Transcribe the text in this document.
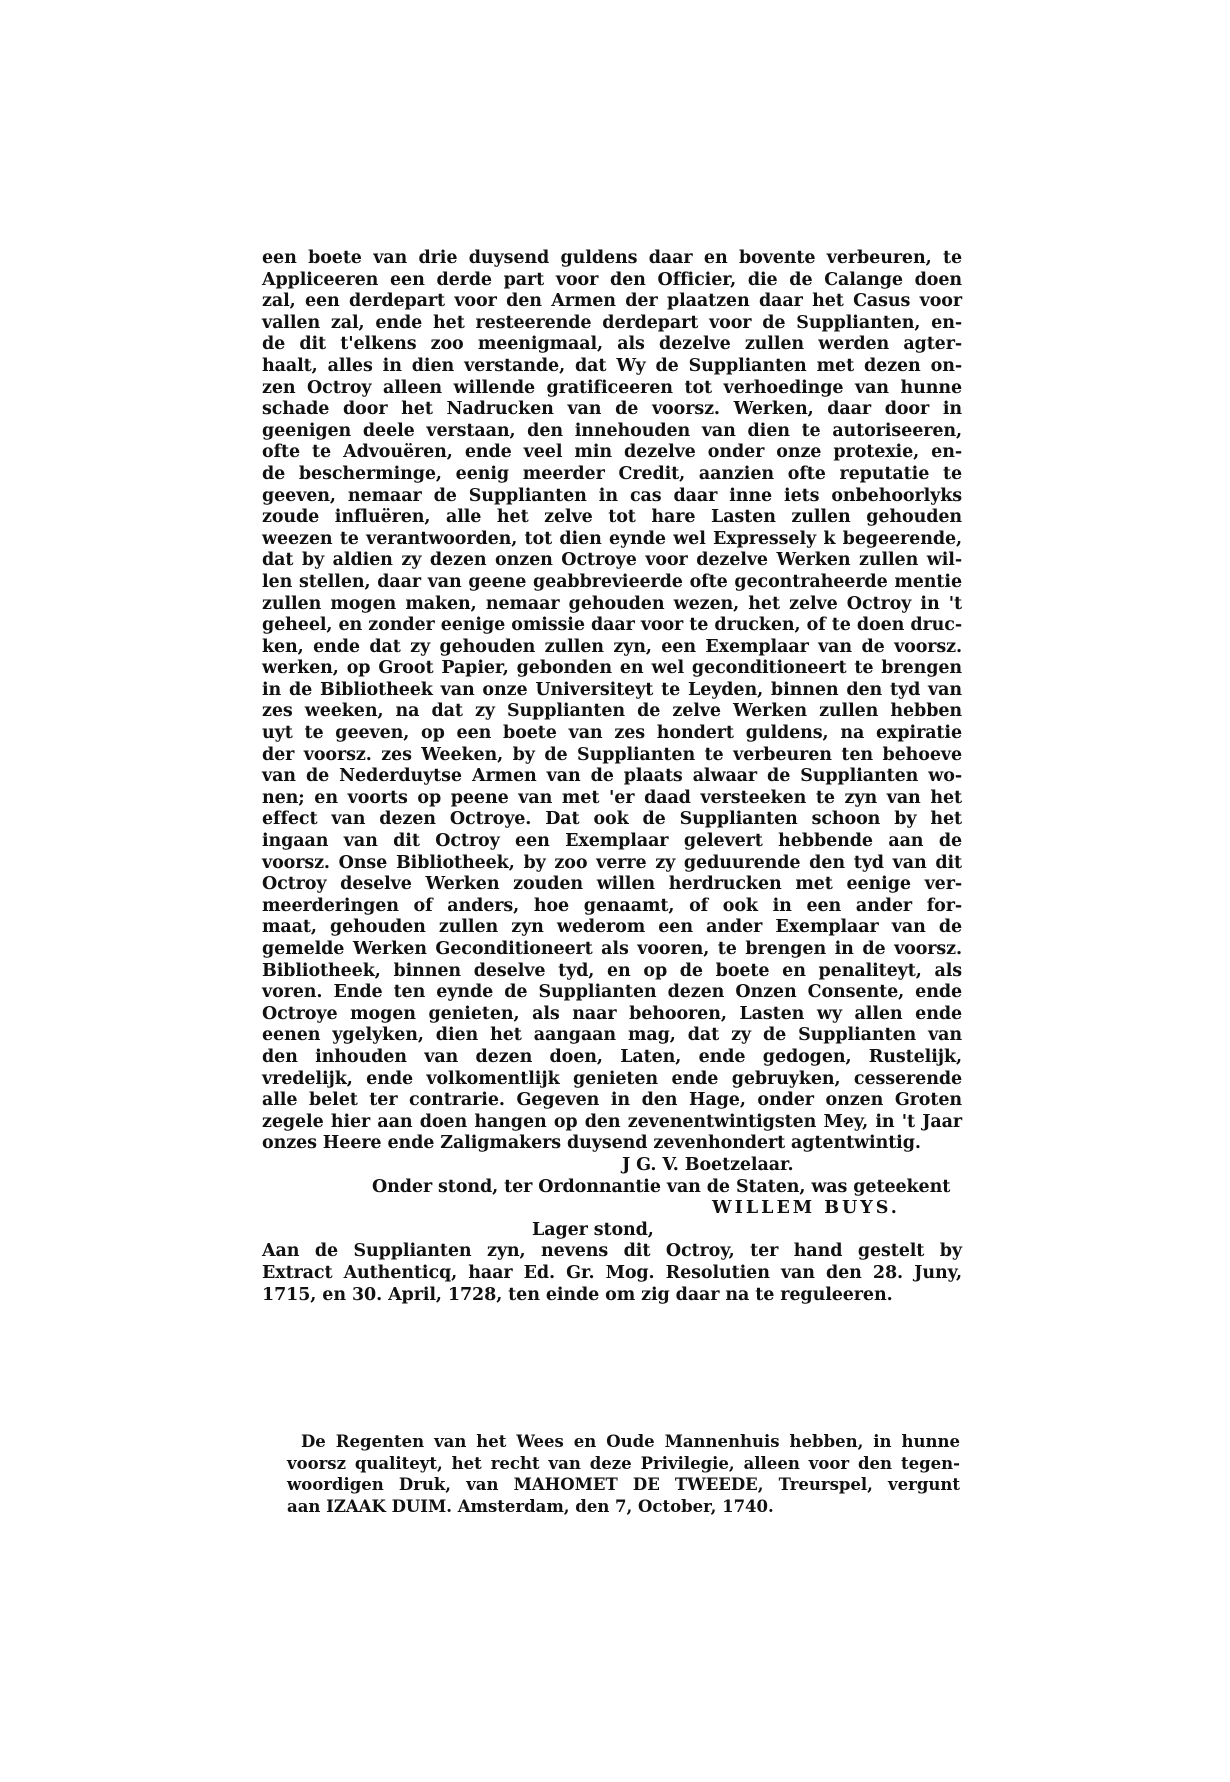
een boete van drie duysend guldens daar en bovente verbeuren, te
Appliceeren een derde part voor den Officier, die de Calange doen
zal, een derdepart voor den Armen der plaatzen daar het Casus voor
vallen zal, ende het resteerende derdepart voor de Supplianten, en-
de dit t'elkens zoo meenigmaal, als dezelve zullen werden agter-
haalt, alles in dien verstande, dat Wy de Supplianten met dezen on-
zen Octroy alleen willende gratificeeren tot verhoedinge van hunne
schade door het Nadrucken van de voorsz. Werken, daar door in
geenigen deele verstaan, den innehouden van dien te autoriseeren,
ofte te Advouëren, ende veel min dezelve onder onze protexie, en-
de bescherminge, eenig meerder Credit, aanzien ofte reputatie te
geeven, nemaar de Supplianten in cas daar inne iets onbehoorlyks
zoude influëren, alle het zelve tot hare Lasten zullen gehouden
weezen te verantwoorden, tot dien eynde wel Expressely k begeerende,
dat by aldien zy dezen onzen Octroye voor dezelve Werken zullen wil-
len stellen, daar van geene geabbrevieerde ofte gecontraheerde mentie
zullen mogen maken, nemaar gehouden wezen, het zelve Octroy in 't
geheel, en zonder eenige omissie daar voor te drucken, of te doen druc-
ken, ende dat zy gehouden zullen zyn, een Exemplaar van de voorsz.
werken, op Groot Papier, gebonden en wel geconditioneert te brengen
in de Bibliotheek van onze Universiteyt te Leyden, binnen den tyd van
zes weeken, na dat zy Supplianten de zelve Werken zullen hebben
uyt te geeven, op een boete van zes hondert guldens, na expiratie
der voorsz. zes Weeken, by de Supplianten te verbeuren ten behoeve
van de Nederduytse Armen van de plaats alwaar de Supplianten wo-
nen; en voorts op peene van met 'er daad versteeken te zyn van het
effect van dezen Octroye. Dat ook de Supplianten schoon by het
ingaan van dit Octroy een Exemplaar gelevert hebbende aan de
voorsz. Onse Bibliotheek, by zoo verre zy geduurende den tyd van dit
Octroy deselve Werken zouden willen herdrucken met eenige ver-
meerderingen of anders, hoe genaamt, of ook in een ander for-
maat, gehouden zullen zyn wederom een ander Exemplaar van de
gemelde Werken Geconditioneert als vooren, te brengen in de voorsz.
Bibliotheek, binnen deselve tyd, en op de boete en penaliteyt, als
voren. Ende ten eynde de Supplianten dezen Onzen Consente, ende
Octroye mogen genieten, als naar behooren, Lasten wy allen ende
eenen ygelyken, dien het aangaan mag, dat zy de Supplianten van
den inhouden van dezen doen, Laten, ende gedogen, Rustelijk,
vredelijk, ende volkomentlijk genieten ende gebruyken, cesserende
alle belet ter contrarie. Gegeven in den Hage, onder onzen Groten
zegele hier aan doen hangen op den zevenentwintigsten Mey, in 't Jaar
onzes Heere ende Zaligmakers duysend zevenhondert agtentwintig.
J G. V. Boetzelaar.
Onder stond, ter Ordonnantie van de Staten, was geteekent
WILLEM BUYS.
Lager stond,
Aan de Supplianten zyn, nevens dit Octroy, ter hand gestelt by
Extract Authenticq, haar Ed. Gr. Mog. Resolutien van den 28. Juny,
1715, en 30. April, 1728, ten einde om zig daar na te reguleeren.
De Regenten van het Wees en Oude Mannenhuis hebben, in hunne
voorsz qualiteyt, het recht van deze Privilegie, alleen voor den tegen-
woordigen Druk, van MAHOMET DE TWEEDE, Treurspel, vergunt
aan IZAAK DUIM. Amsterdam, den 7, October, 1740.
